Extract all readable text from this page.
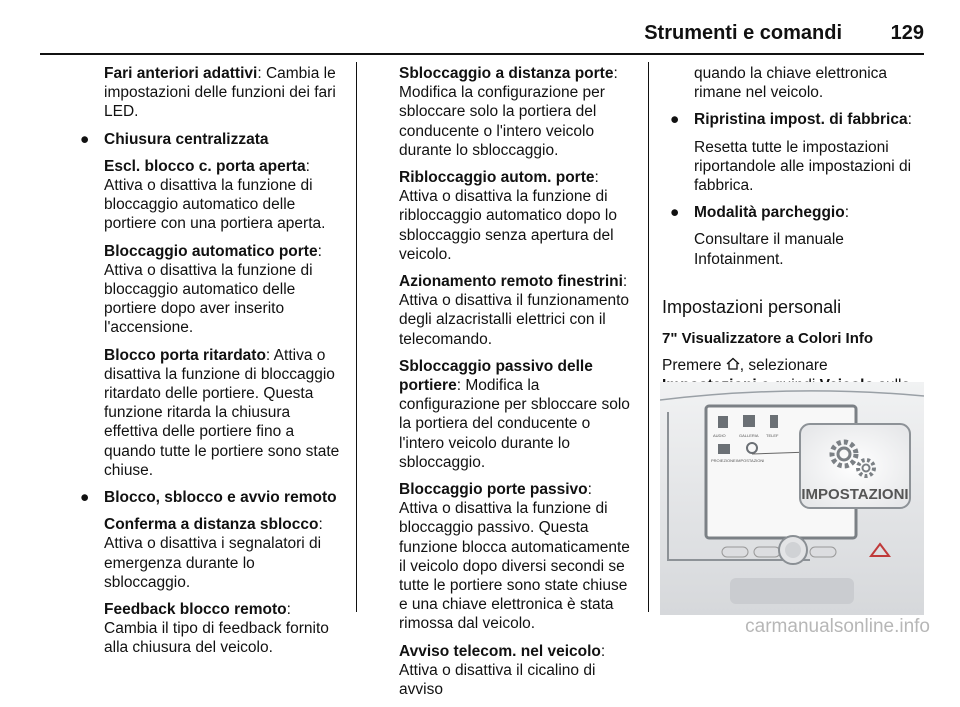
Strumenti e comandi 129

Fari anteriori adattivi: Cambia le impostazioni delle funzioni dei fari LED.

● Chiusura centralizzata

Escl. blocco c. porta aperta: Attiva o disattiva la funzione di bloccaggio automatico delle portiere con una portiera aperta.

Bloccaggio automatico porte: Attiva o disattiva la funzione di bloccaggio automatico delle portiere dopo aver inserito l'accensione.

Blocco porta ritardato: Attiva o disattiva la funzione di bloccaggio ritardato delle portiere. Questa funzione ritarda la chiusura effettiva delle portiere fino a quando tutte le portiere sono state chiuse.

● Blocco, sblocco e avvio remoto

Conferma a distanza sblocco: Attiva o disattiva i segnalatori di emergenza durante lo sbloccaggio.

Feedback blocco remoto: Cambia il tipo di feedback fornito alla chiusura del veicolo.

Sbloccaggio a distanza porte: Modifica la configurazione per sbloccare solo la portiera del conducente o l'intero veicolo durante lo sbloccaggio.

Ribloccaggio autom. porte: Attiva o disattiva la funzione di ribloccaggio automatico dopo lo sbloccaggio senza apertura del veicolo.

Azionamento remoto finestrini: Attiva o disattiva il funzionamento degli alzacristalli elettrici con il telecomando.

Sbloccaggio passivo delle portiere: Modifica la configurazione per sbloccare solo la portiera del conducente o l'intero veicolo durante lo sbloccaggio.

Bloccaggio porte passivo: Attiva o disattiva la funzione di bloccaggio passivo. Questa funzione blocca automaticamente il veicolo dopo diversi secondi se tutte le portiere sono state chiuse e una chiave elettronica è stata rimossa dal veicolo.

Avviso telecom. nel veicolo: Attiva o disattiva il cicalino di avviso

quando la chiave elettronica rimane nel veicolo.

● Ripristina impost. di fabbrica:

Resetta tutte le impostazioni riportandole alle impostazioni di fabbrica.

● Modalità parcheggio:

Consultare il manuale Infotainment.

Impostazioni personali
7" Visualizzatore a Colori Info

Premere , selezionare

AUDIO	GALLERIA TELEF
PROIEZIONE IMPOSTAZIONI
IMPOSTAZIONI
carmanualsonline.info
